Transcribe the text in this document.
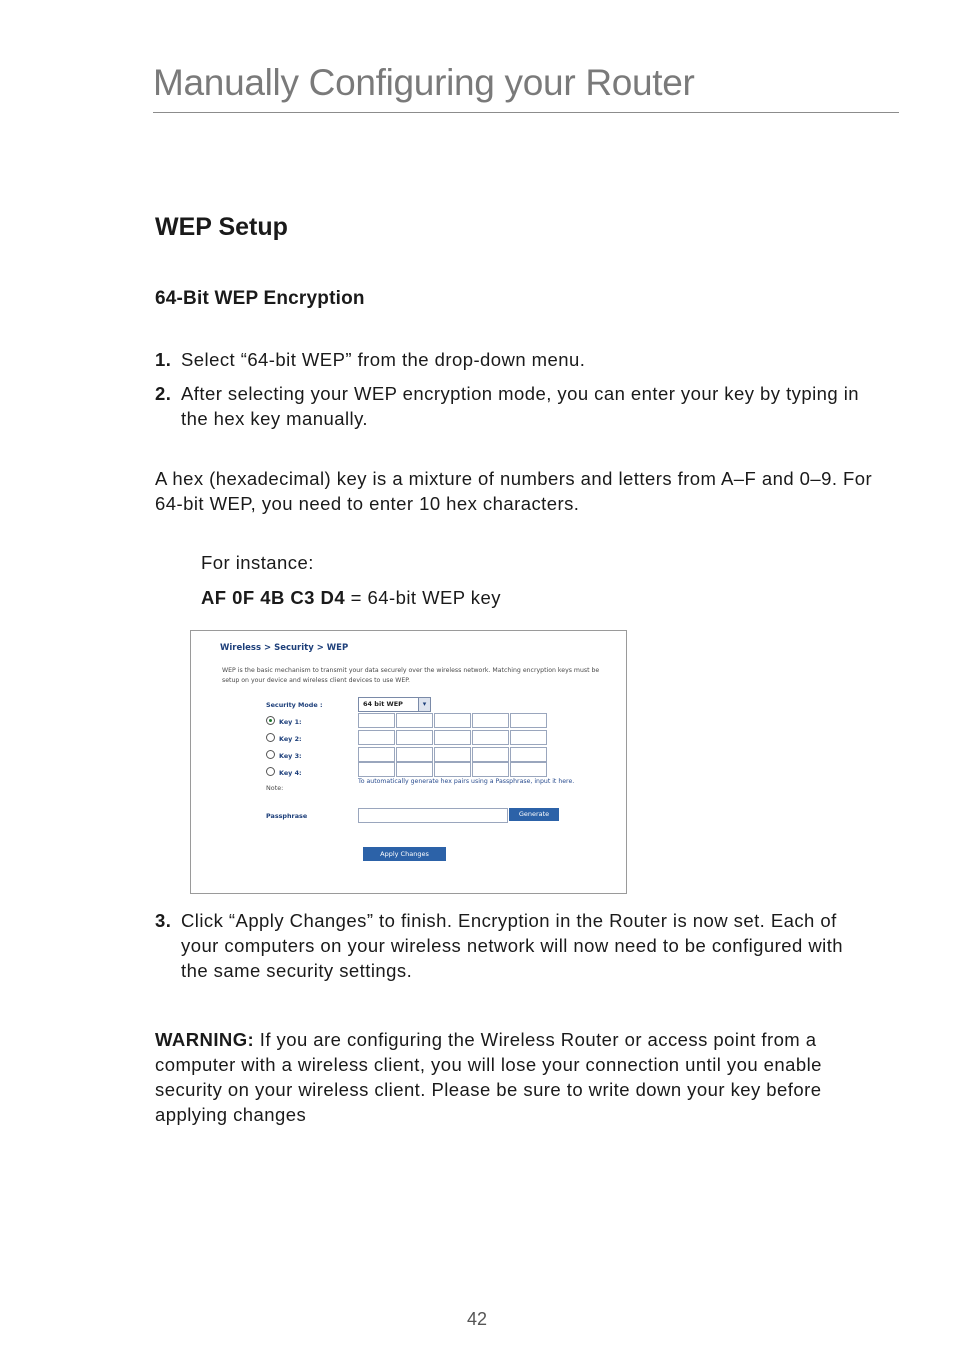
Manually Configuring your Router
WEP Setup
64-Bit WEP Encryption
1. Select “64-bit WEP” from the drop-down menu.
2. After selecting your WEP encryption mode, you can enter your key by typing in the hex key manually.
A hex (hexadecimal) key is a mixture of numbers and letters from A–F and 0–9. For 64-bit WEP, you need to enter 10 hex characters.
For instance:
AF 0F 4B C3 D4 = 64-bit WEP key
Wireless > Security > WEP
WEP is the basic mechanism to transmit your data securely over the wireless network. Matching encryption keys must be setup on your device and wireless client devices to use WEP.
Security Mode :	64 bit WEP	▾
Key 1:
Key 2:
Key 3:
Key 4:
Note:
To automatically generate hex pairs using a Passphrase, input it here.
Passphrase	Generate
Apply Changes
3. Click “Apply Changes” to finish. Encryption in the Router is now set. Each of your computers on your wireless network will now need to be configured with the same security settings.
WARNING: If you are configuring the Wireless Router or access point from a computer with a wireless client, you will lose your connection until you enable security on your wireless client. Please be sure to write down your key before applying changes
42
